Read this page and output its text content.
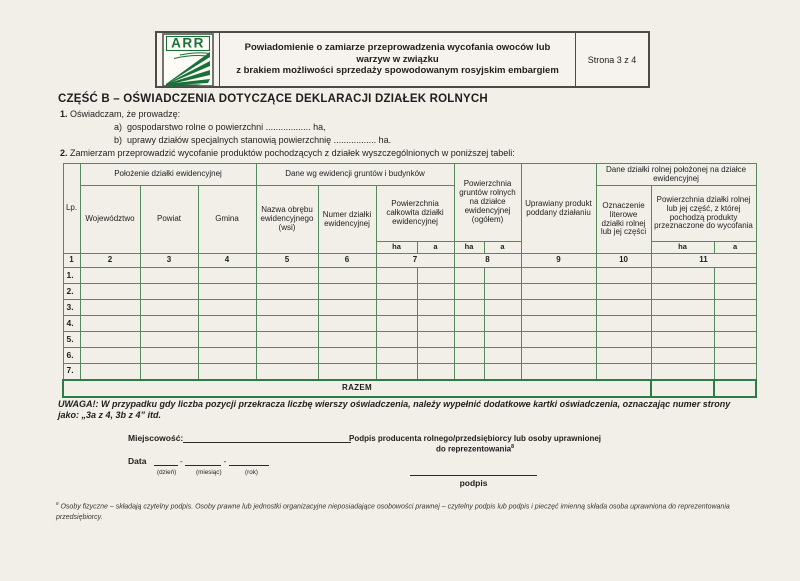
ARR	Powiadomienie o zamiarze przeprowadzenia wycofania owoców lub warzyw w związku
z brakiem możliwości sprzedaży spowodowanym rosyjskim embargiem
Strona 3 z 4
CZĘŚĆ B – OŚWIADCZENIA DOTYCZĄCE DEKLARACJI DZIAŁEK ROLNYCH
1. Oświadczam, że prowadzę:
a) gospodarstwo rolne o powierzchni .................. ha,
b) uprawy działów specjalnych stanowią powierzchnię ................. ha.
2. Zamierzam przeprowadzić wycofanie produktów pochodzących z działek wyszczególnionych w poniższej tabeli:
Lp.	Położenie działki ewidencyjnej			Dane wg ewidencji gruntów i budynków				Powierzchnia gruntów rolnych na działce ewidencyjnej (ogółem)		Uprawiany produkt poddany działaniu	Dane działki rolnej położonej na działce ewidencyjnej		
	Województwo	Powiat	Gmina	Nazwa obrębu ewidencyjnego (wsi)	Numer działki ewidencyjnej	Powierzchnia całkowita działki ewidencyjnej					Oznaczenie literowe działki rolnej lub jej części	Powierzchnia działki rolnej lub jej część, z której pochodzą produkty przeznaczone do wycofania	
						ha	a	ha	a			ha	a
1	2	3	4	5	6	7		8		9	10	11	
1.													
2.													
3.													
4.													
5.													
6.													
7.													
RAZEM													
UWAGA!: W przypadku gdy liczba pozycji przekracza liczbę wierszy oświadczenia, należy wypełnić dodatkowe kartki oświadczenia, oznaczając numer strony
jako: „3a z 4, 3b z 4” itd.
Miejscowość:	Podpis producenta rolnego/przedsiębiorcy lub osoby uprawnionej
do reprezentowania$^8$
Data	-	-
(dzień)	(miesiąc)	(rok)
podpis
$^8$ Osoby fizyczne – składają czytelny podpis. Osoby prawne lub jednostki organizacyjne nieposiadające osobowości prawnej – czytelny podpis lub podpis i pieczęć imienną składa osoba uprawniona do reprezentowania przedsiębiorcy.
